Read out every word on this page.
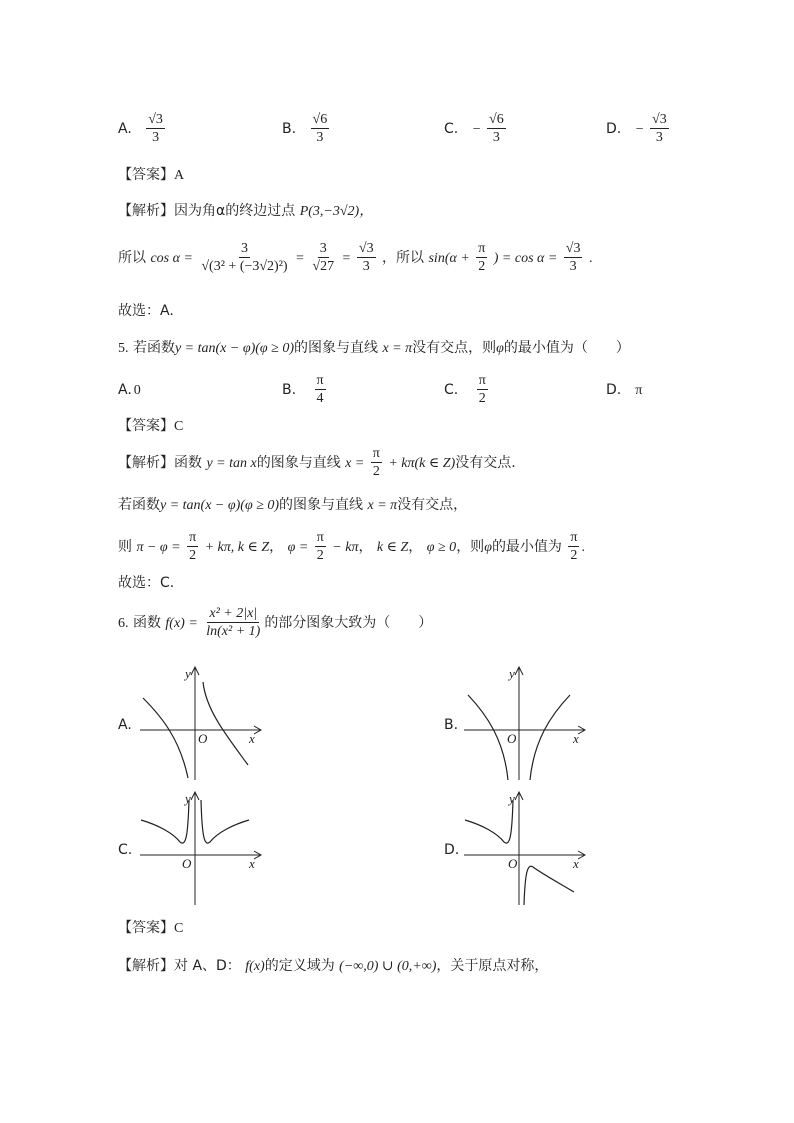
A. $\frac{√3}{3}$	B. $\frac{√6}{3}$	C. − $\frac{√6}{3}$	D. − $\frac{√3}{3}$
【答案】A
【解析】因为角α的终边过点 P(3,−3√2)，
所以 $\cos \alpha = \frac{3}{\text{√(3² + (−3√2)²)}} = \frac{3}{√27} = \frac{√3}{3}$ ，所以 $\sin(\alpha + \frac{\pi}{2}$ ) = $\cos \alpha = \frac{√3}{3}$ .
故选：A.
5. 若函数y = tan(x − φ)(φ ≥ 0)的图象与直线 x = π没有交点，则φ的最小值为（　　）
A. 0	B. $\frac{\pi}{4}$	C. $\frac{\pi}{2}$	D. π
【答案】C
【解析】函数 y = tan x的图象与直线 $x = \frac{\pi}{2} + k\pi(k$ ∈ Z)没有交点.
若函数y = tan(x − φ)(φ ≥ 0)的图象与直线 x = π没有交点，
则 $\pi - \varphi = \frac{\pi}{2} + k\pi$, k ∈ Z， $\varphi = \frac{\pi}{2} - k\pi$， k ∈ Z， φ ≥ 0，则φ的最小值为 $\frac{\pi}{2}$ .
故选：C.
6. 函数 $f(x) = \frac{\text{x² + 2|x|}}{\text{ln(x² + 1)}}$ 的部分图象大致为（　　）
A.	B.
C.	D.
y
x
O
y
x
O
y
x
O
y
x
O
【答案】C
【解析】对 A、D： f(x)的定义域为 (−∞,0) ∪ (0,+∞)，关于原点对称，
